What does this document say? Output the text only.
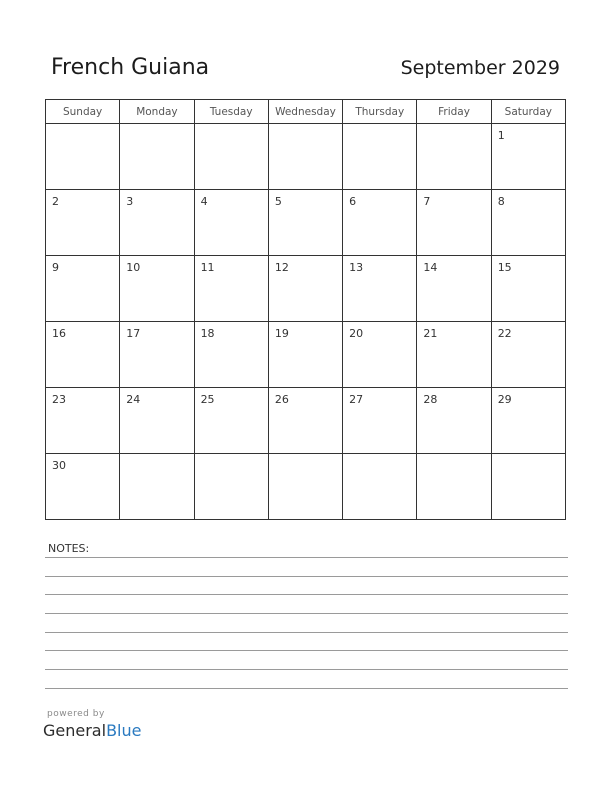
French Guiana	September 2029
Sunday	Monday	Tuesday	Wednesday	Thursday	Friday	Saturday

						1

2	3	4	5	6	7	8

9	10	11	12	13	14	15

16	17	18	19	20	21	22

23	24	25	26	27	28	29

30						

NOTES:
powered by
GeneralBlue
